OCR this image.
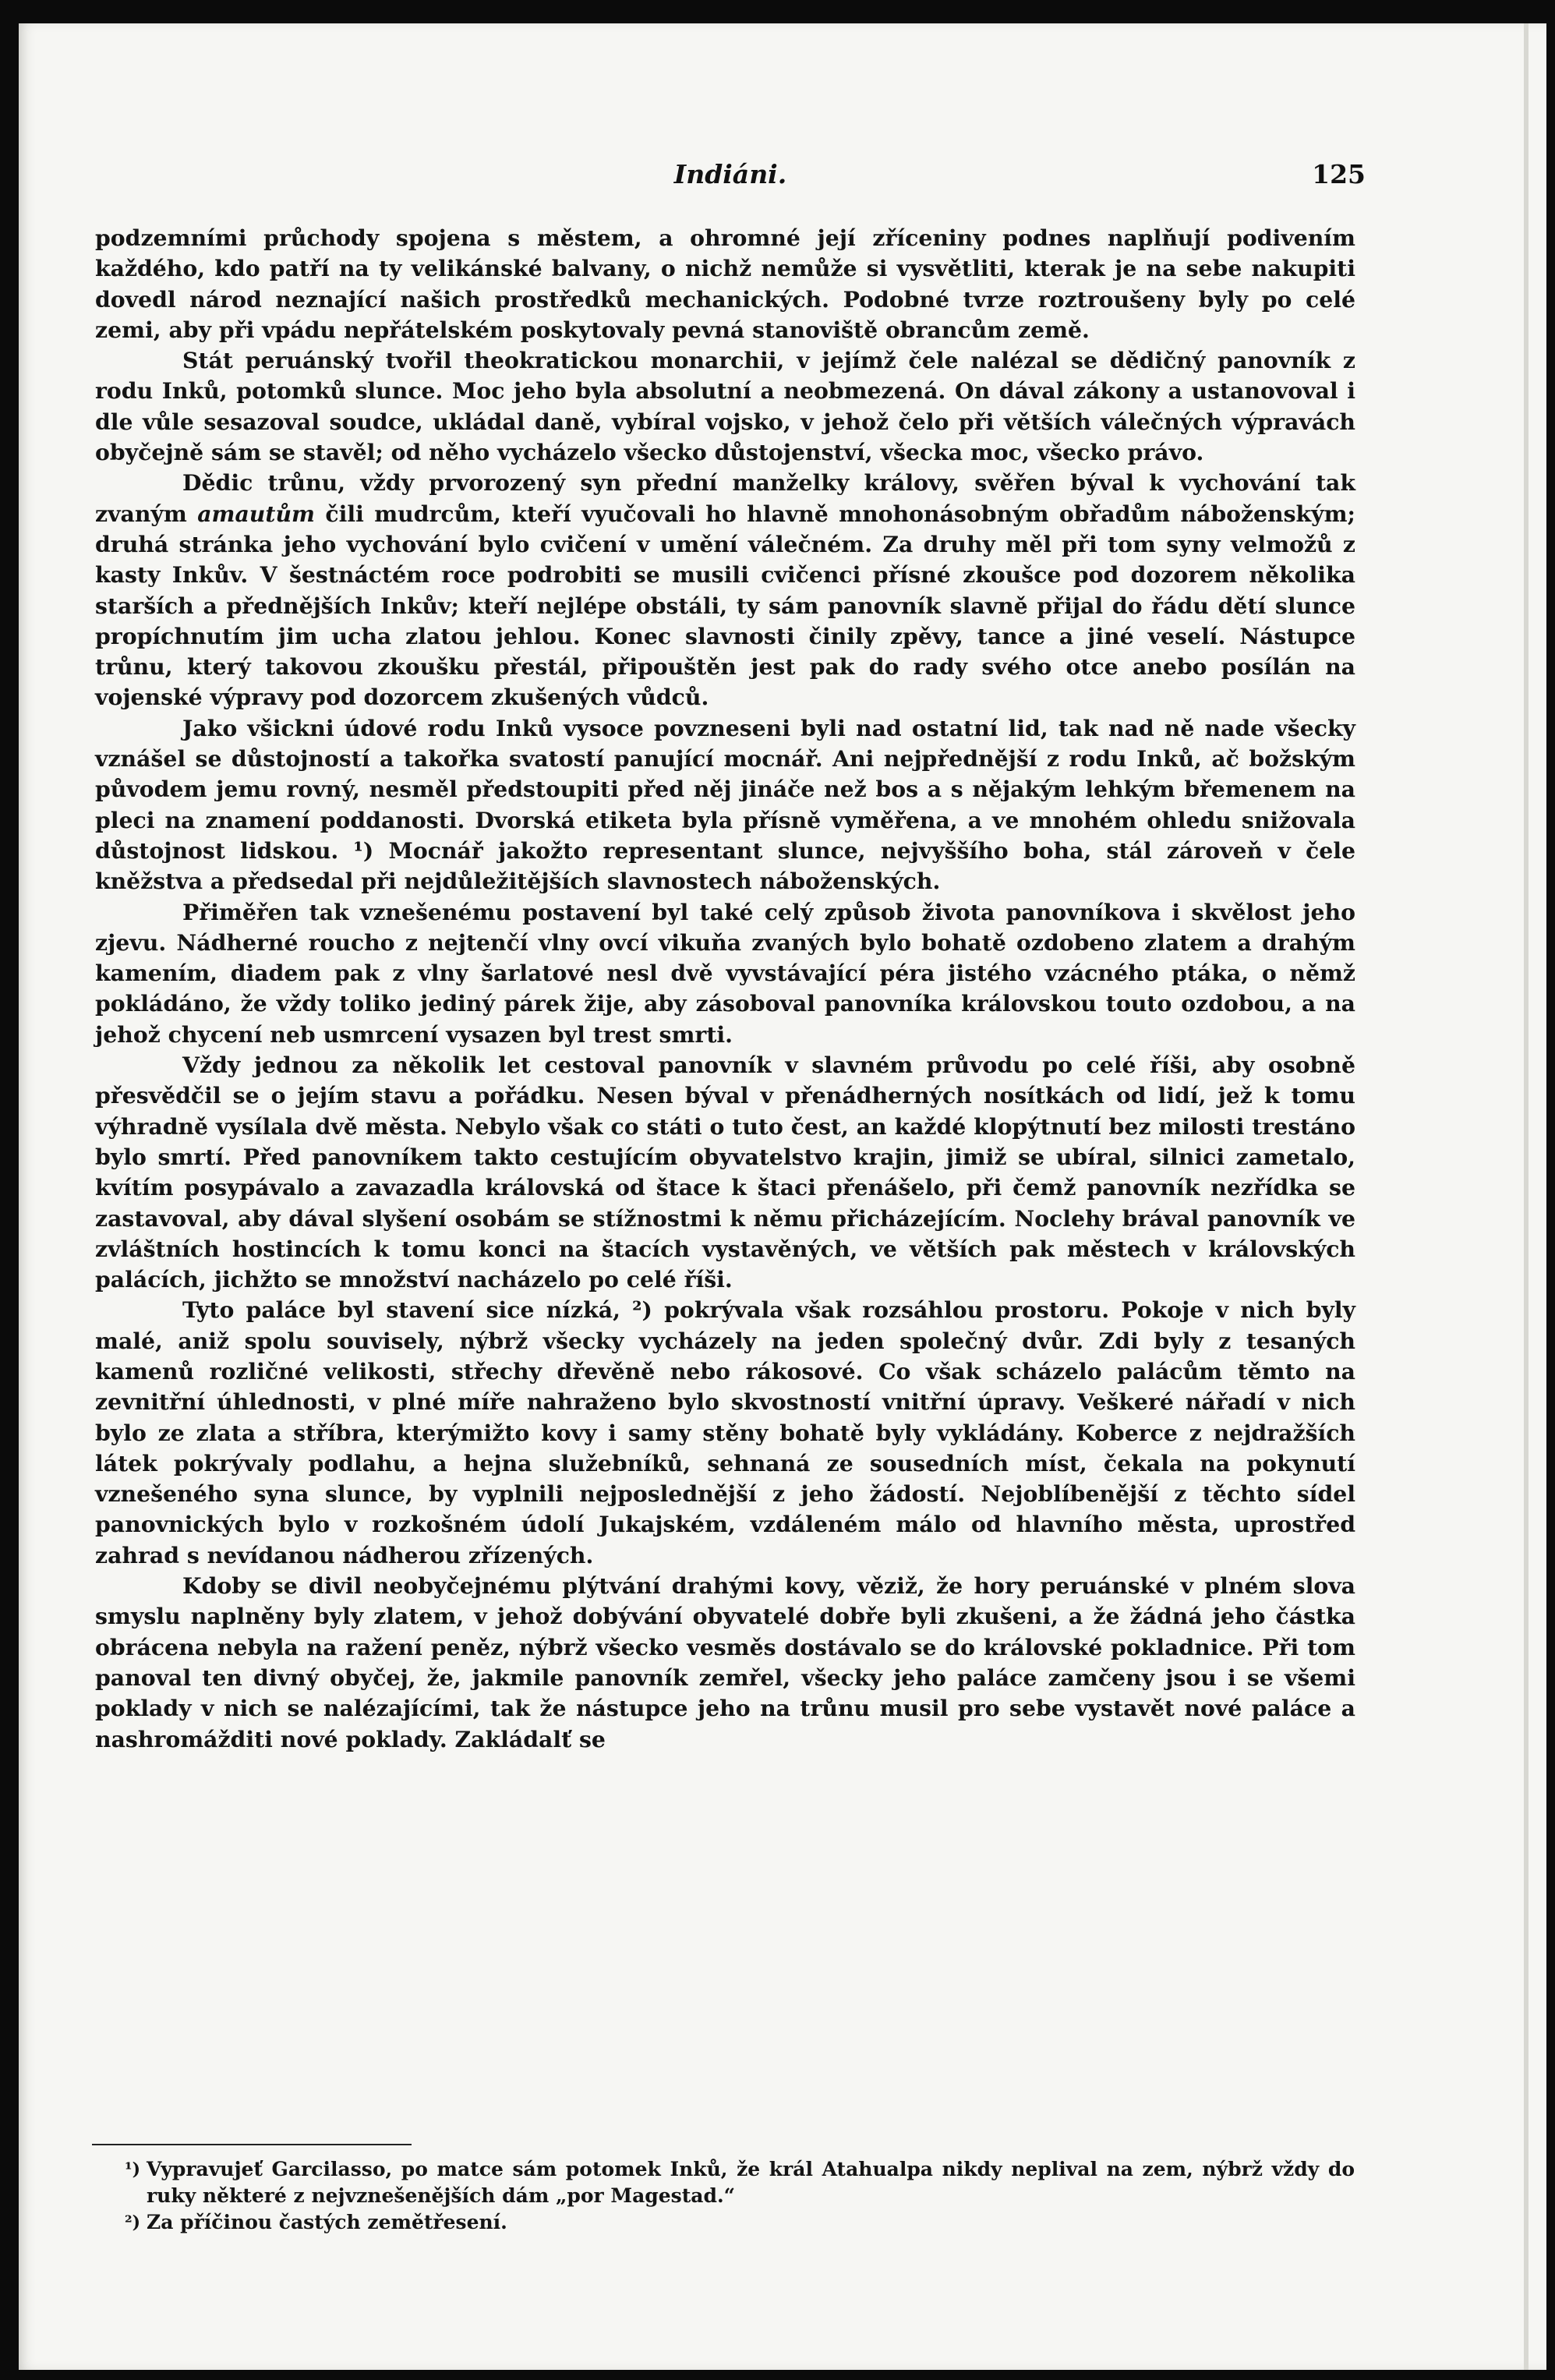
Indiáni.	125

podzemními průchody spojena s městem, a ohromné její zříceniny podnes naplňují podivením každého, kdo patří na ty velikánské balvany, o nichž nemůže si vysvětliti, kterak je na sebe nakupiti dovedl národ neznající našich prostředků mechanických. Podobné tvrze roztroušeny byly po celé zemi, aby při vpádu nepřátelském poskytovaly pevná stanoviště obrancům země.

Stát peruánský tvořil theokratickou monarchii, v jejímž čele nalézal se dědičný panovník z rodu Inků, potomků slunce. Moc jeho byla absolutní a neobmezená. On dával zákony a ustanovoval i dle vůle sesazoval soudce, ukládal daně, vybíral vojsko, v jehož čelo při větších válečných výpravách obyčejně sám se stavěl; od něho vycházelo všecko důstojenství, všecka moc, všecko právo.

Dědic trůnu, vždy prvorozený syn přední manželky královy, svěřen býval k vychování tak zvaným amautům čili mudrcům, kteří vyučovali ho hlavně mnohonásobným obřadům náboženským; druhá stránka jeho vychování bylo cvičení v umění válečném. Za druhy měl při tom syny velmožů z kasty Inkův. V šestnáctém roce podrobiti se musili cvičenci přísné zkoušce pod dozorem několika starších a přednějších Inkův; kteří nejlépe obstáli, ty sám panovník slavně přijal do řádu dětí slunce propíchnutím jim ucha zlatou jehlou. Konec slavnosti činily zpěvy, tance a jiné veselí. Nástupce trůnu, který takovou zkoušku přestál, připouštěn jest pak do rady svého otce anebo posílán na vojenské výpravy pod dozorcem zkušených vůdců.

Jako všickni údové rodu Inků vysoce povzneseni byli nad ostatní lid, tak nad ně nade všecky vznášel se důstojností a takořka svatostí panující mocnář. Ani nejpřednější z rodu Inků, ač božským původem jemu rovný, nesměl předstoupiti před něj jináče než bos a s nějakým lehkým břemenem na pleci na znamení poddanosti. Dvorská etiketa byla přísně vyměřena, a ve mnohém ohledu snižovala důstojnost lidskou. ¹) Mocnář jakožto representant slunce, nejvyššího boha, stál zároveň v čele kněžstva a předsedal při nejdůležitějších slavnostech náboženských.

Přiměřen tak vznešenému postavení byl také celý způsob života panovníkova i skvělost jeho zjevu. Nádherné roucho z nejtenčí vlny ovcí vikuňa zvaných bylo bohatě ozdobeno zlatem a drahým kamením, diadem pak z vlny šarlatové nesl dvě vyvstávající péra jistého vzácného ptáka, o němž pokládáno, že vždy toliko jediný párek žije, aby zásoboval panovníka královskou touto ozdobou, a na jehož chycení neb usmrcení vysazen byl trest smrti.

Vždy jednou za několik let cestoval panovník v slavném průvodu po celé říši, aby osobně přesvědčil se o jejím stavu a pořádku. Nesen býval v přenádherných nosítkách od lidí, jež k tomu výhradně vysílala dvě města. Nebylo však co státi o tuto čest, an každé klopýtnutí bez milosti trestáno bylo smrtí. Před panovníkem takto cestujícím obyvatelstvo krajin, jimiž se ubíral, silnici zametalo, kvítím posypávalo a zavazadla královská od štace k štaci přenášelo, při čemž panovník nezřídka se zastavoval, aby dával slyšení osobám se stížnostmi k němu přicházejícím. Noclehy brával panovník ve zvláštních hostincích k tomu konci na štacích vystavěných, ve větších pak městech v královských palácích, jichžto se množství nacházelo po celé říši.

Tyto paláce byl stavení sice nízká, ²) pokrývala však rozsáhlou prostoru. Pokoje v nich byly malé, aniž spolu souvisely, nýbrž všecky vycházely na jeden společný dvůr. Zdi byly z tesaných kamenů rozličné velikosti, střechy dřevěně nebo rákosové. Co však scházelo palácům těmto na zevnitřní úhlednosti, v plné míře nahraženo bylo skvostností vnitřní úpravy. Veškeré nářadí v nich bylo ze zlata a stříbra, kterýmižto kovy i samy stěny bohatě byly vykládány. Koberce z nejdražších látek pokrývaly podlahu, a hejna služebníků, sehnaná ze sousedních míst, čekala na pokynutí vznešeného syna slunce, by vyplnili nejposlednější z jeho žádostí. Nejoblíbenější z těchto sídel panovnických bylo v rozkošném údolí Jukajském, vzdáleném málo od hlavního města, uprostřed zahrad s nevídanou nádherou zřízených.

Kdoby se divil neobyčejnému plýtvání drahými kovy, věziž, že hory peruánské v plném slova smyslu naplněny byly zlatem, v jehož dobývání obyvatelé dobře byli zkušeni, a že žádná jeho částka obrácena nebyla na ražení peněz, nýbrž všecko vesměs dostávalo se do královské pokladnice. Při tom panoval ten divný obyčej, že, jakmile panovník zemřel, všecky jeho paláce zamčeny jsou i se všemi poklady v nich se nalézajícími, tak že nástupce jeho na trůnu musil pro sebe vystavět nové paláce a nashromážditi nové poklady. Zakládalť se

¹) Vypravujeť Garcilasso, po matce sám potomek Inků, že král Atahualpa nikdy neplival na zem, nýbrž vždy do ruky některé z nejvznešenějších dám „por Magestad.“
²) Za příčinou častých zemětřesení.
